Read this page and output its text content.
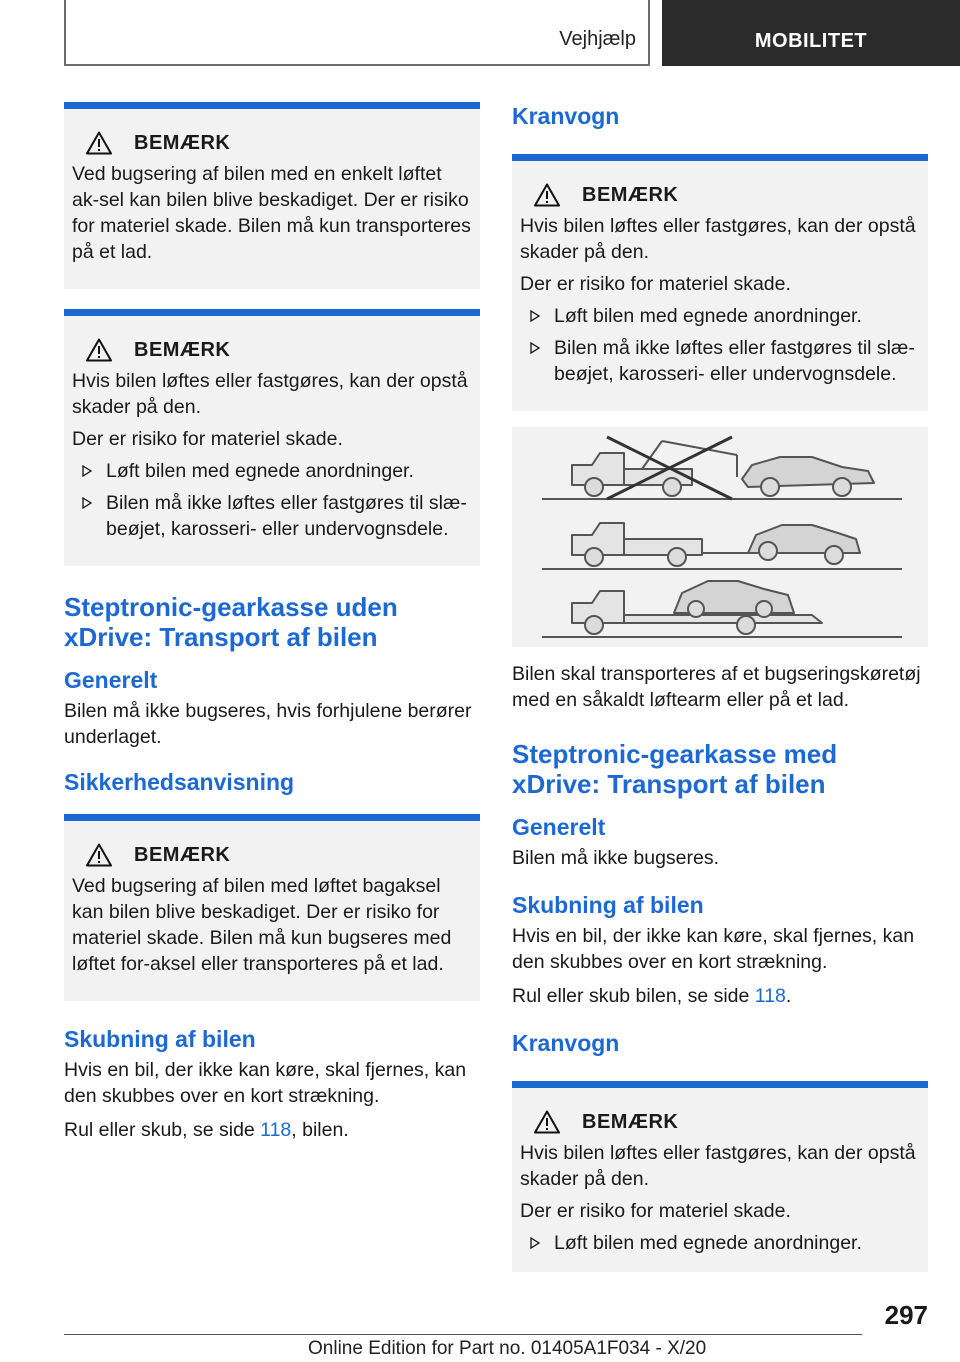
Vejhjælp	MOBILITET
BEMÆRK

Ved bugsering af bilen med en enkelt løftet ak-sel kan bilen blive beskadiget. Der er risiko for materiel skade. Bilen må kun transporteres på et lad.

BEMÆRK

Hvis bilen løftes eller fastgøres, kan der opstå skader på den.

Der er risiko for materiel skade.

Løft bilen med egnede anordninger.
Bilen må ikke løftes eller fastgøres til slæ-beøjet, karosseri- eller undervognsdele.
Steptronic-gearkasse uden xDrive: Transport af bilen
Generelt

Bilen må ikke bugseres, hvis forhjulene berører underlaget.

Sikkerhedsanvisning
BEMÆRK

Ved bugsering af bilen med løftet bagaksel kan bilen blive beskadiget. Der er risiko for materiel skade. Bilen må kun bugseres med løftet for-aksel eller transporteres på et lad.

Skubning af bilen

Hvis en bil, der ikke kan køre, skal fjernes, kan den skubbes over en kort strækning.

Rul eller skub, se side 118, bilen.

Kranvogn
BEMÆRK

Hvis bilen løftes eller fastgøres, kan der opstå skader på den.

Der er risiko for materiel skade.

Løft bilen med egnede anordninger.
Bilen må ikke løftes eller fastgøres til slæ-beøjet, karosseri- eller undervognsdele.

Bilen skal transporteres af et bugseringskøretøj med en såkaldt løftearm eller på et lad.

Steptronic-gearkasse med xDrive: Transport af bilen
Generelt

Bilen må ikke bugseres.

Skubning af bilen

Hvis en bil, der ikke kan køre, skal fjernes, kan den skubbes over en kort strækning.

Rul eller skub bilen, se side 118.

Kranvogn
BEMÆRK

Hvis bilen løftes eller fastgøres, kan der opstå skader på den.

Der er risiko for materiel skade.

Løft bilen med egnede anordninger.
297
Online Edition for Part no. 01405A1F034 - X/20
